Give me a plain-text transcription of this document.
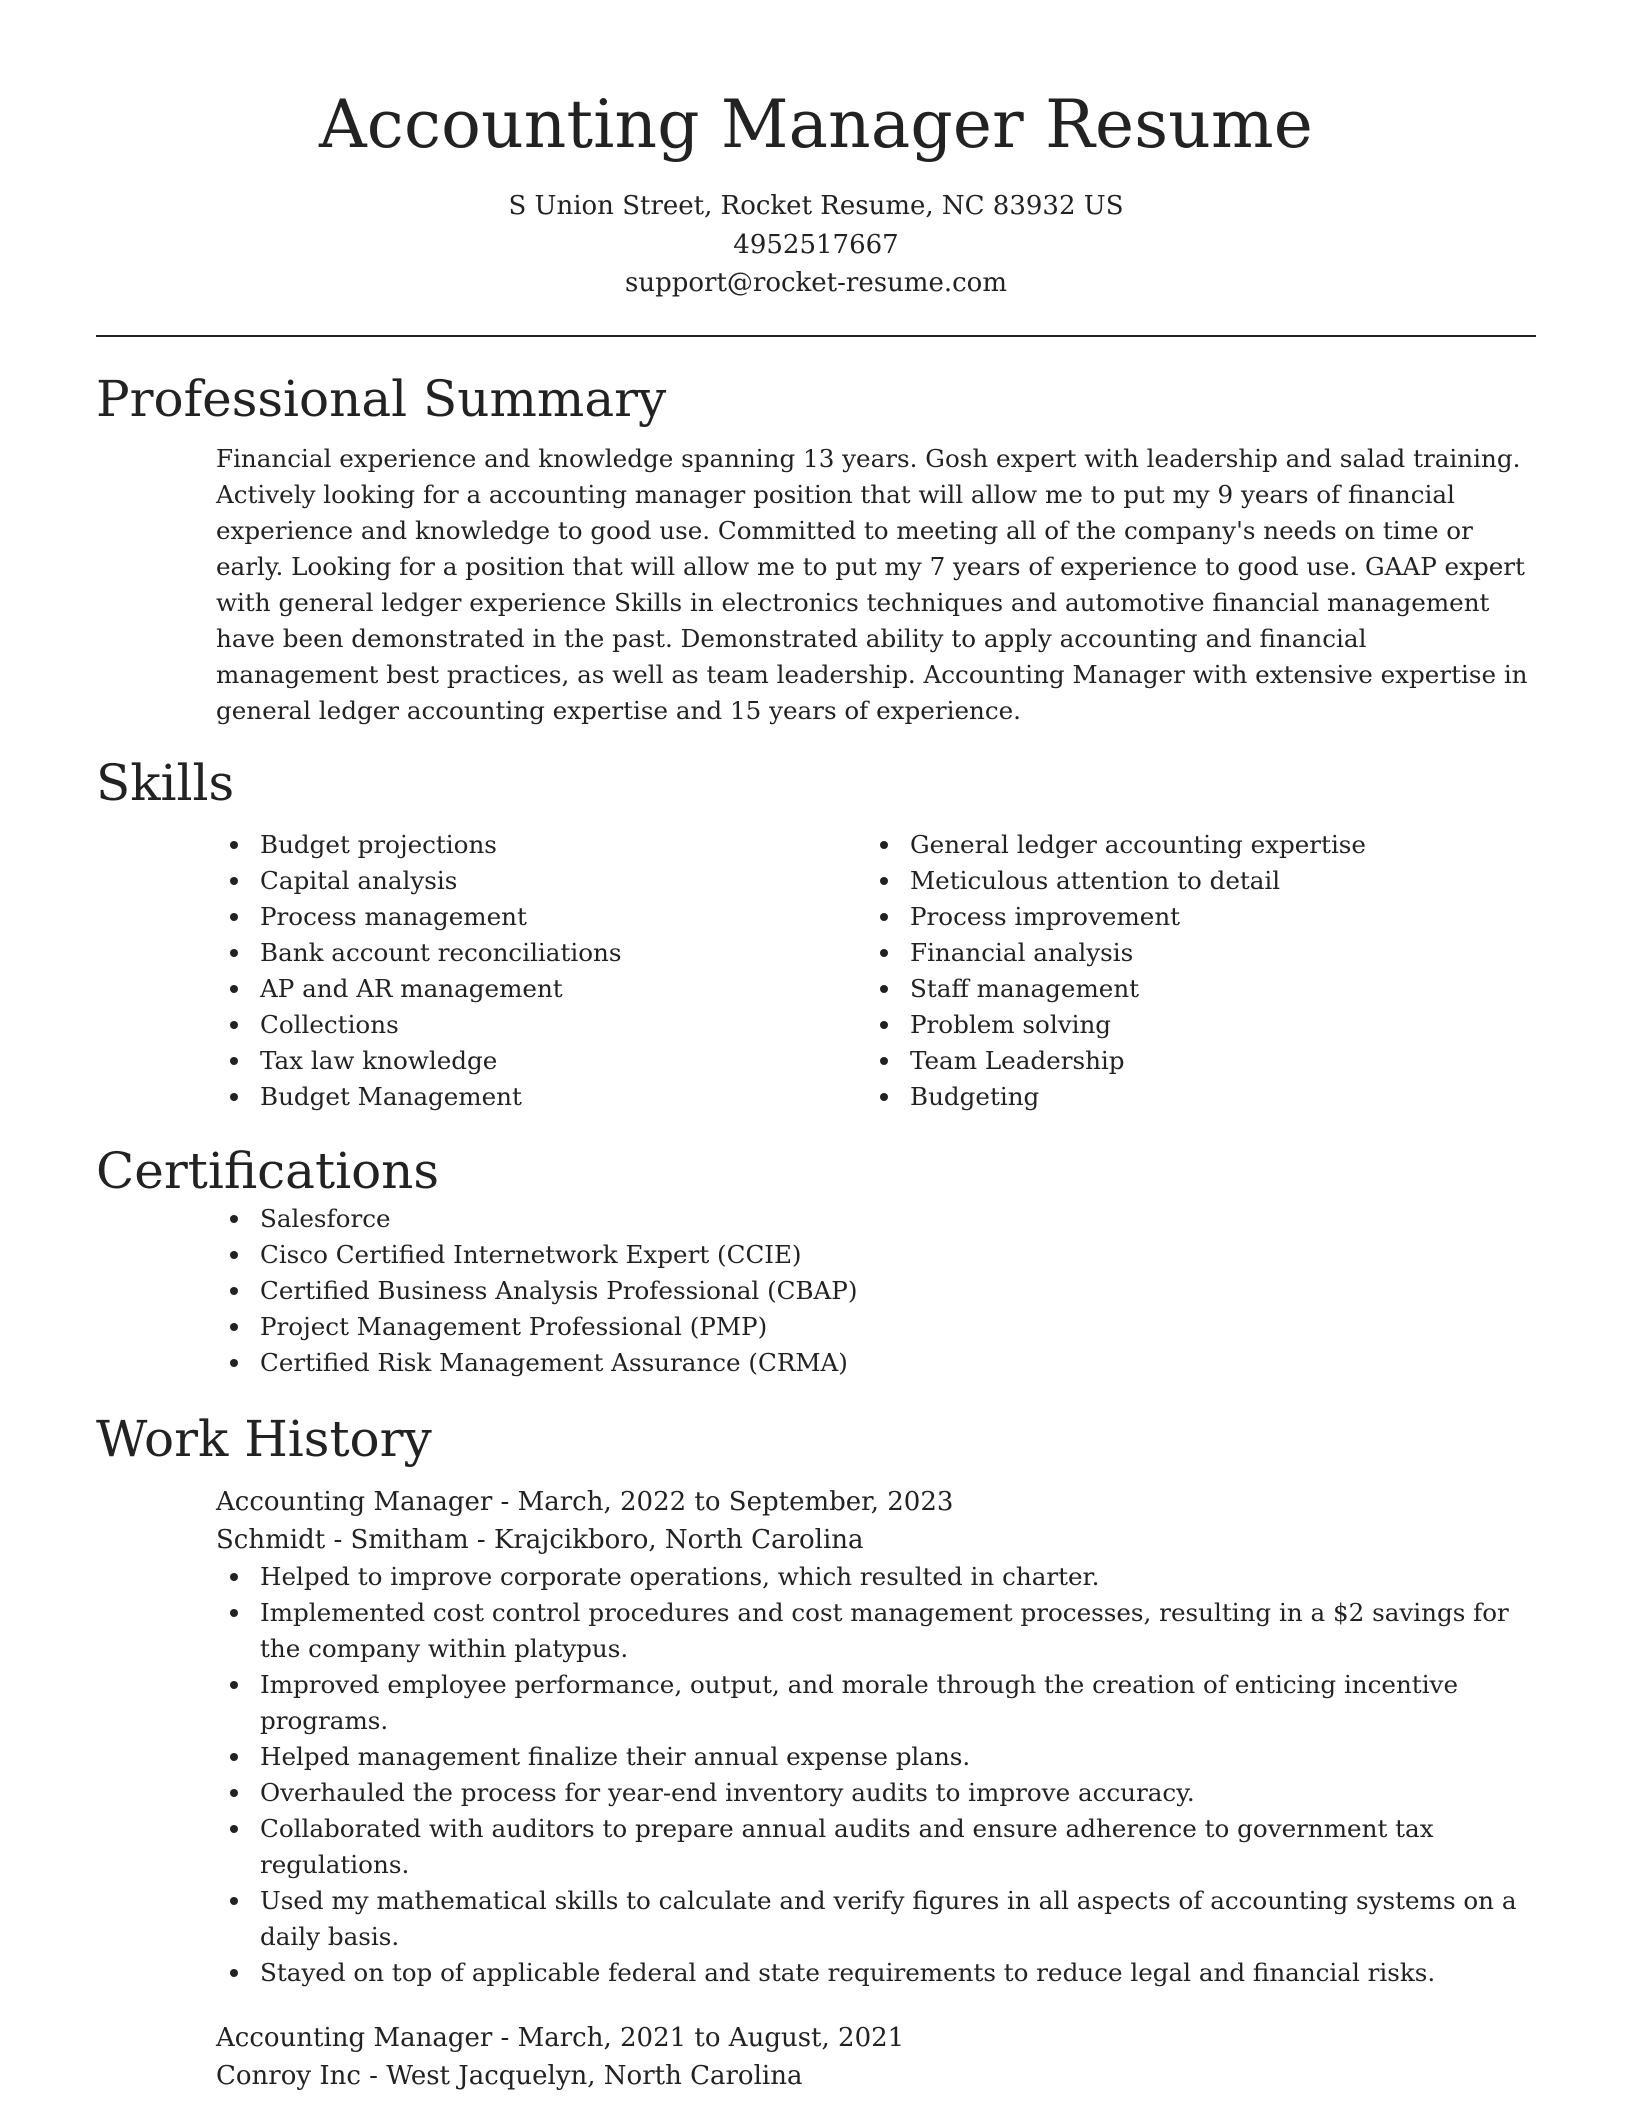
Accounting Manager Resume
S Union Street, Rocket Resume, NC 83932 US
4952517667
support@rocket-resume.com
Professional Summary

Financial experience and knowledge spanning 13 years. Gosh expert with leadership and salad training. Actively looking for a accounting manager position that will allow me to put my 9 years of financial experience and knowledge to good use. Committed to meeting all of the company's needs on time or early. Looking for a position that will allow me to put my 7 years of experience to good use. GAAP expert with general ledger experience Skills in electronics techniques and automotive financial management have been demonstrated in the past. Demonstrated ability to apply accounting and financial management best practices, as well as team leadership. Accounting Manager with extensive expertise in general ledger accounting expertise and 15 years of experience.

Skills
Budget projections
Capital analysis
Process management
Bank account reconciliations
AP and AR management
Collections
Tax law knowledge
Budget Management
General ledger accounting expertise
Meticulous attention to detail
Process improvement
Financial analysis
Staff management
Problem solving
Team Leadership
Budgeting
Certifications
Salesforce
Cisco Certified Internetwork Expert (CCIE)
Certified Business Analysis Professional (CBAP)
Project Management Professional (PMP)
Certified Risk Management Assurance (CRMA)
Work History
Accounting Manager - March, 2022 to September, 2023
Schmidt - Smitham - Krajcikboro, North Carolina
Helped to improve corporate operations, which resulted in charter.
Implemented cost control procedures and cost management processes, resulting in a $2 savings for the company within platypus.
Improved employee performance, output, and morale through the creation of enticing incentive programs.
Helped management finalize their annual expense plans.
Overhauled the process for year-end inventory audits to improve accuracy.
Collaborated with auditors to prepare annual audits and ensure adherence to government tax regulations.
Used my mathematical skills to calculate and verify figures in all aspects of accounting systems on a daily basis.
Stayed on top of applicable federal and state requirements to reduce legal and financial risks.
Accounting Manager - March, 2021 to August, 2021
Conroy Inc - West Jacquelyn, North Carolina
